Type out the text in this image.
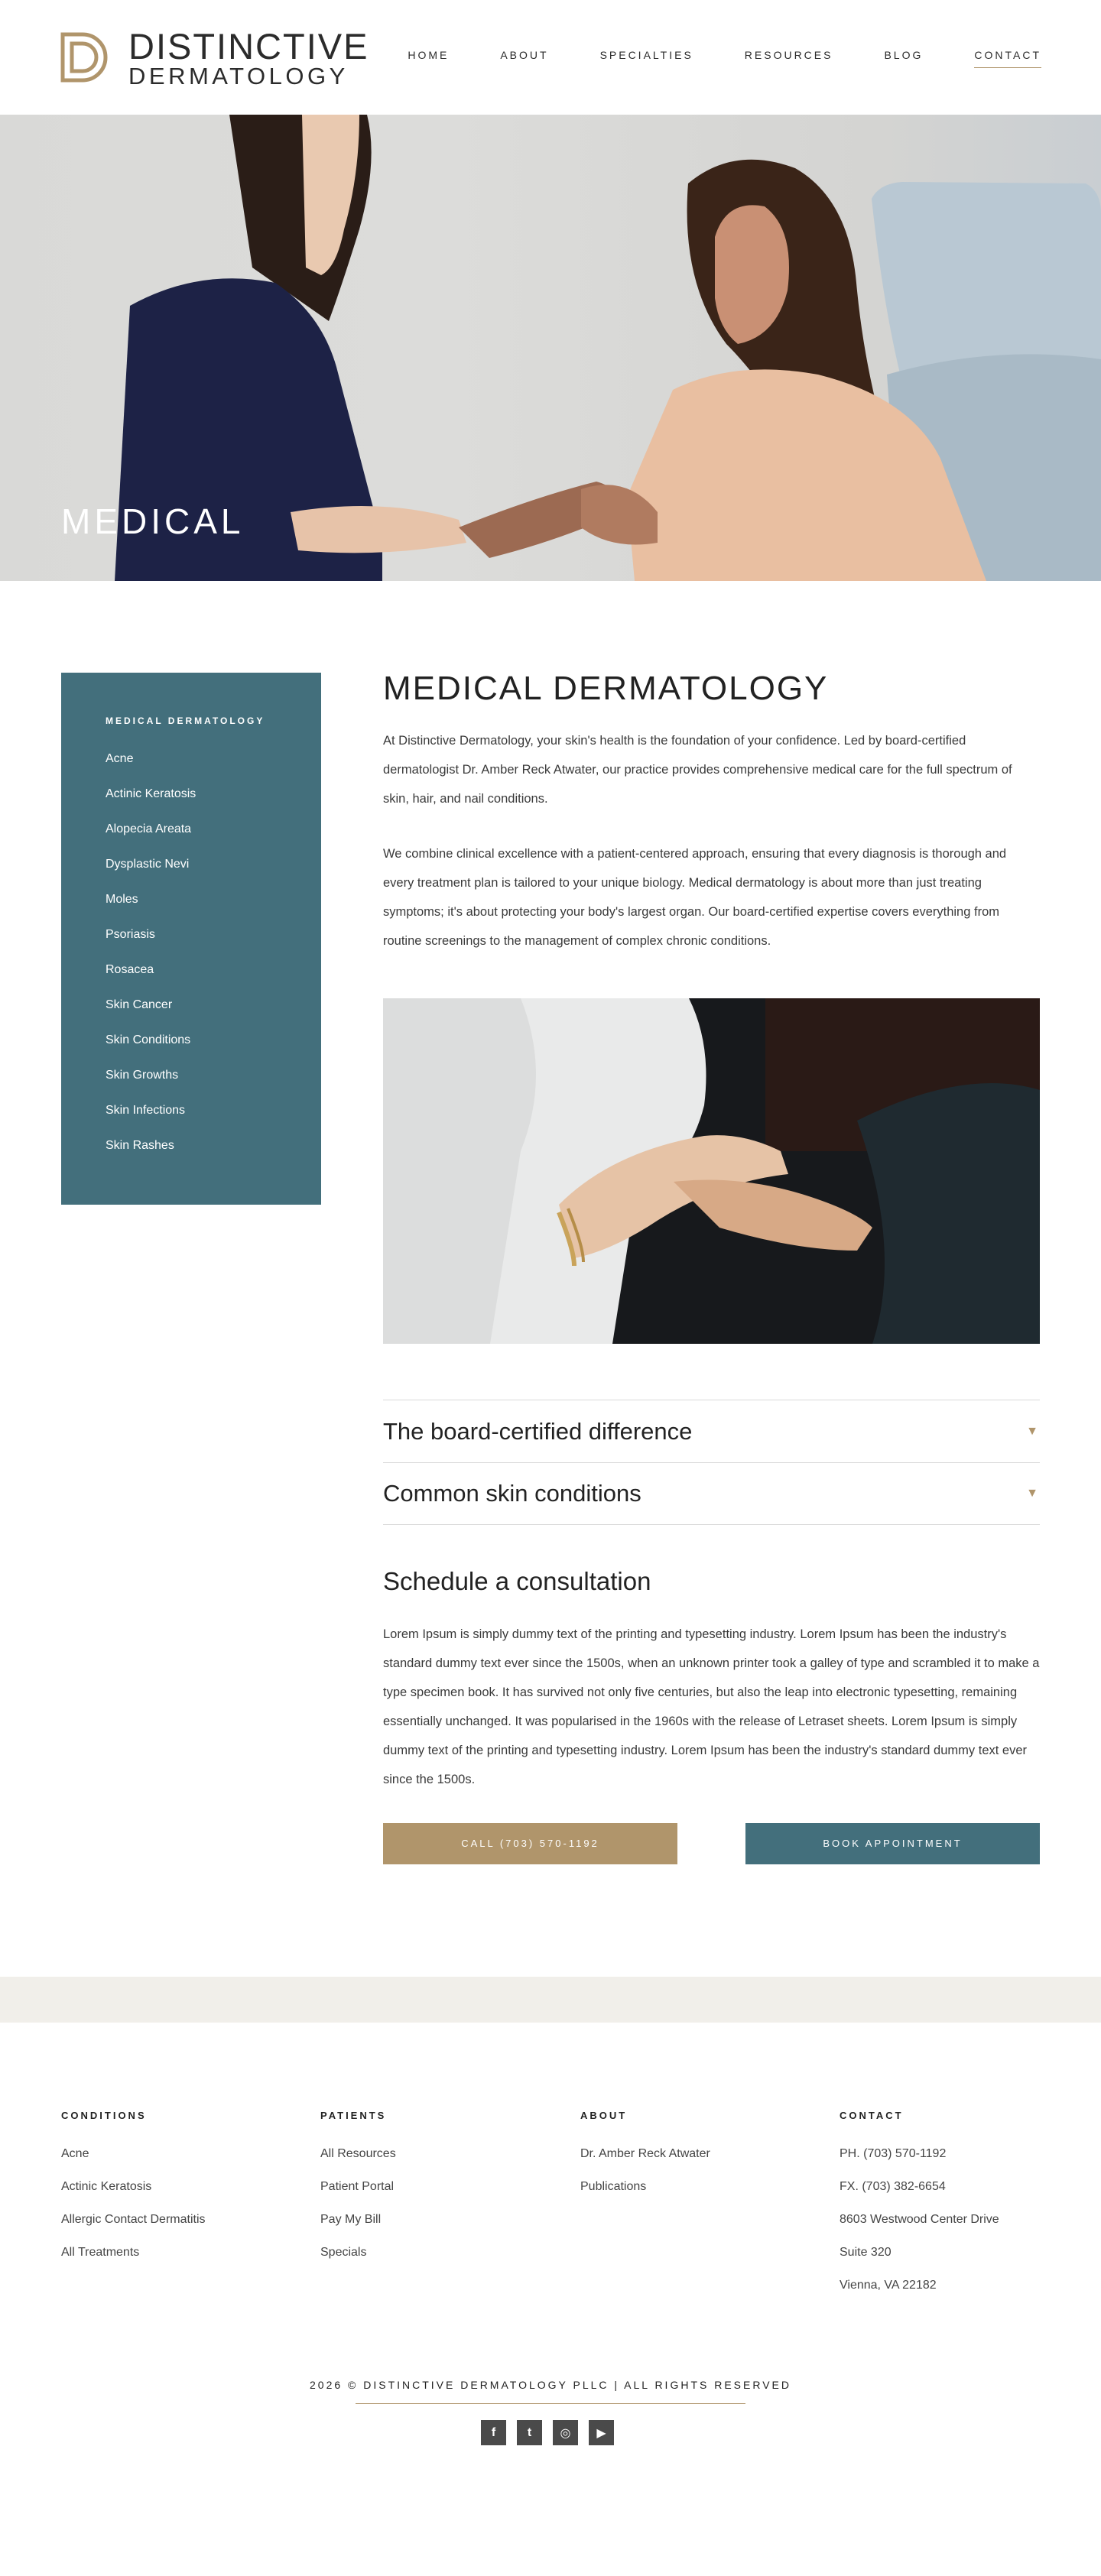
DISTINCTIVE
DERMATOLOGY
HOME	ABOUT	SPECIALTIES	RESOURCES	BLOG	CONTACT
MEDICAL
MEDICAL DERMATOLOGY
Acne
Actinic Keratosis
Alopecia Areata
Dysplastic Nevi
Moles
Psoriasis
Rosacea
Skin Cancer
Skin Conditions
Skin Growths
Skin Infections
Skin Rashes
MEDICAL DERMATOLOGY

At Distinctive Dermatology, your skin's health is the foundation of your confidence. Led by board-certified dermatologist Dr. Amber Reck Atwater, our practice provides comprehensive medical care for the full spectrum of skin, hair, and nail conditions.

We combine clinical excellence with a patient-centered approach, ensuring that every diagnosis is thorough and every treatment plan is tailored to your unique biology. Medical dermatology is about more than just treating symptoms; it's about protecting your body's largest organ. Our board-certified expertise covers everything from routine screenings to the management of complex chronic conditions.

The board-certified difference	▼
Common skin conditions	▼
Schedule a consultation

Lorem Ipsum is simply dummy text of the printing and typesetting industry. Lorem Ipsum has been the industry's standard dummy text ever since the 1500s, when an unknown printer took a galley of type and scrambled it to make a type specimen book. It has survived not only five centuries, but also the leap into electronic typesetting, remaining essentially unchanged. It was popularised in the 1960s with the release of Letraset sheets. Lorem Ipsum is simply dummy text of the printing and typesetting industry. Lorem Ipsum has been the industry's standard dummy text ever since the 1500s.

CALL (703) 570-1192	BOOK APPOINTMENT
CONDITIONS
Acne
Actinic Keratosis
Allergic Contact Dermatitis
All Treatments
PATIENTS
All Resources
Patient Portal
Pay My Bill
Specials
ABOUT
Dr. Amber Reck Atwater
Publications
CONTACT

PH. (703) 570-1192

FX. (703) 382-6654

8603 Westwood Center Drive

Suite 320

Vienna, VA 22182

2026 © DISTINCTIVE DERMATOLOGY PLLC | ALL RIGHTS RESERVED
f	t	◎	▶
